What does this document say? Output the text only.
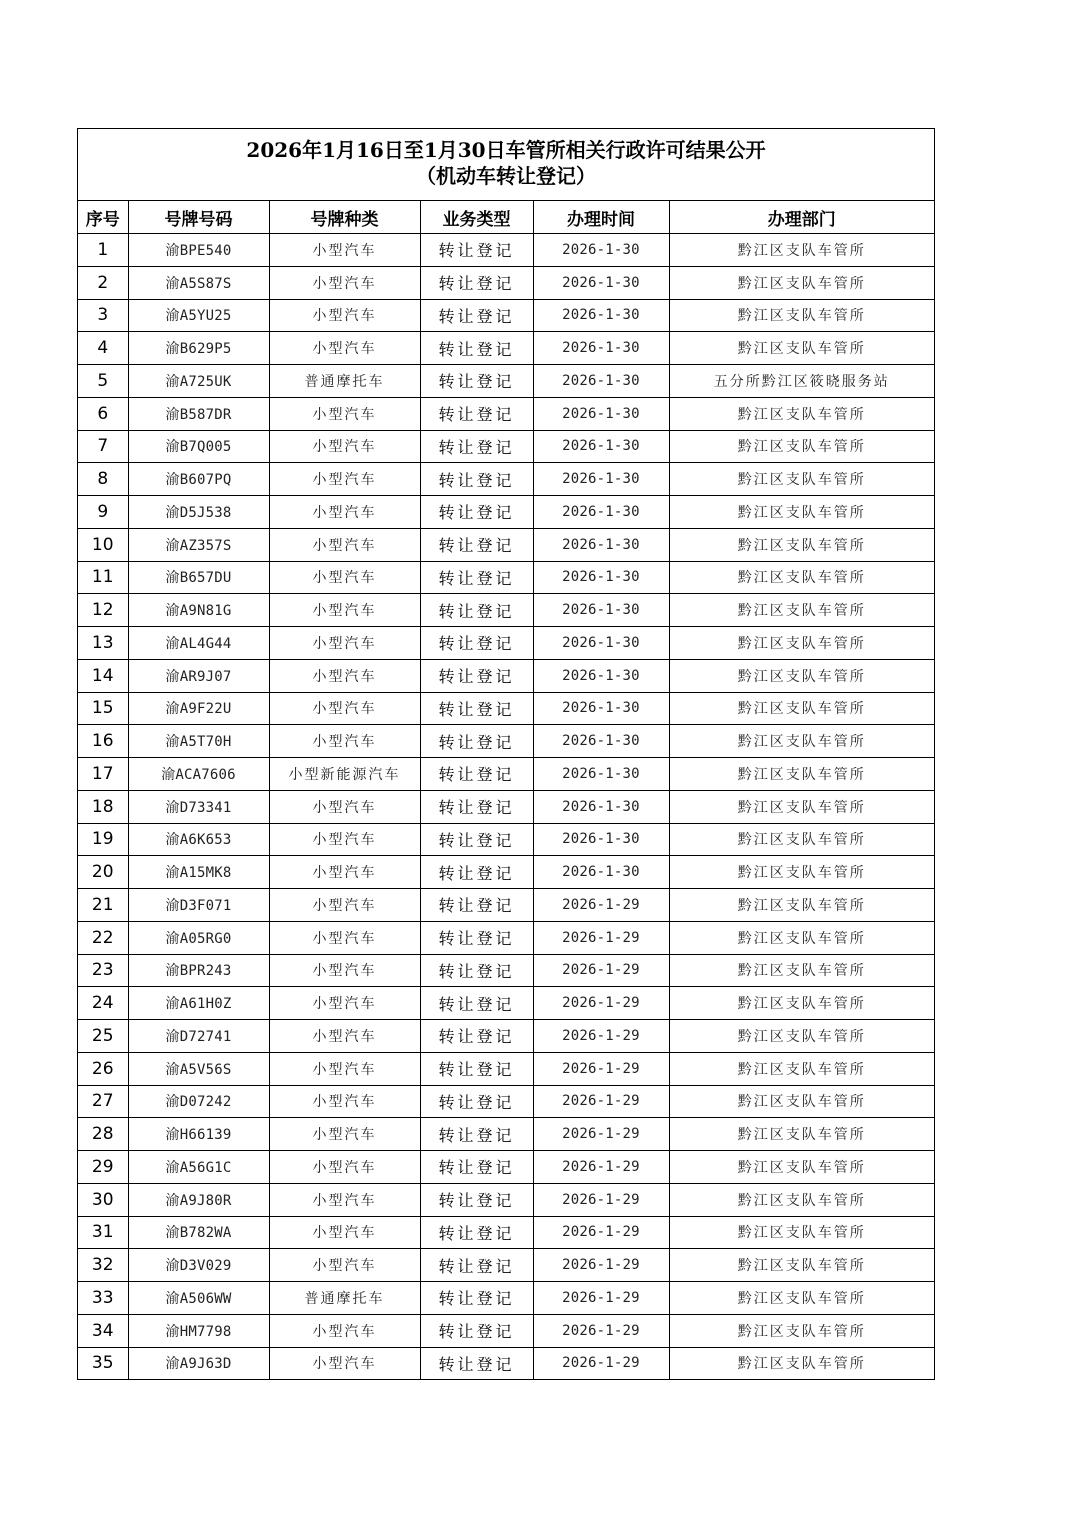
2026年1月16日至1月30日车管所相关行政许可结果公开
（机动车转让登记）
序号	号牌号码	号牌种类	业务类型	办理时间	办理部门
1	渝BPE540	小型汽车	转让登记	2026-1-30	黔江区支队车管所
2	渝A5S87S	小型汽车	转让登记	2026-1-30	黔江区支队车管所
3	渝A5YU25	小型汽车	转让登记	2026-1-30	黔江区支队车管所
4	渝B629P5	小型汽车	转让登记	2026-1-30	黔江区支队车管所
5	渝A725UK	普通摩托车	转让登记	2026-1-30	五分所黔江区筱晓服务站
6	渝B587DR	小型汽车	转让登记	2026-1-30	黔江区支队车管所
7	渝B7Q005	小型汽车	转让登记	2026-1-30	黔江区支队车管所
8	渝B607PQ	小型汽车	转让登记	2026-1-30	黔江区支队车管所
9	渝D5J538	小型汽车	转让登记	2026-1-30	黔江区支队车管所
10	渝AZ357S	小型汽车	转让登记	2026-1-30	黔江区支队车管所
11	渝B657DU	小型汽车	转让登记	2026-1-30	黔江区支队车管所
12	渝A9N81G	小型汽车	转让登记	2026-1-30	黔江区支队车管所
13	渝AL4G44	小型汽车	转让登记	2026-1-30	黔江区支队车管所
14	渝AR9J07	小型汽车	转让登记	2026-1-30	黔江区支队车管所
15	渝A9F22U	小型汽车	转让登记	2026-1-30	黔江区支队车管所
16	渝A5T70H	小型汽车	转让登记	2026-1-30	黔江区支队车管所
17	渝ACA7606	小型新能源汽车	转让登记	2026-1-30	黔江区支队车管所
18	渝D73341	小型汽车	转让登记	2026-1-30	黔江区支队车管所
19	渝A6K653	小型汽车	转让登记	2026-1-30	黔江区支队车管所
20	渝A15MK8	小型汽车	转让登记	2026-1-30	黔江区支队车管所
21	渝D3F071	小型汽车	转让登记	2026-1-29	黔江区支队车管所
22	渝A05RG0	小型汽车	转让登记	2026-1-29	黔江区支队车管所
23	渝BPR243	小型汽车	转让登记	2026-1-29	黔江区支队车管所
24	渝A61H0Z	小型汽车	转让登记	2026-1-29	黔江区支队车管所
25	渝D72741	小型汽车	转让登记	2026-1-29	黔江区支队车管所
26	渝A5V56S	小型汽车	转让登记	2026-1-29	黔江区支队车管所
27	渝D07242	小型汽车	转让登记	2026-1-29	黔江区支队车管所
28	渝H66139	小型汽车	转让登记	2026-1-29	黔江区支队车管所
29	渝A56G1C	小型汽车	转让登记	2026-1-29	黔江区支队车管所
30	渝A9J80R	小型汽车	转让登记	2026-1-29	黔江区支队车管所
31	渝B782WA	小型汽车	转让登记	2026-1-29	黔江区支队车管所
32	渝D3V029	小型汽车	转让登记	2026-1-29	黔江区支队车管所
33	渝A506WW	普通摩托车	转让登记	2026-1-29	黔江区支队车管所
34	渝HM7798	小型汽车	转让登记	2026-1-29	黔江区支队车管所
35	渝A9J63D	小型汽车	转让登记	2026-1-29	黔江区支队车管所
